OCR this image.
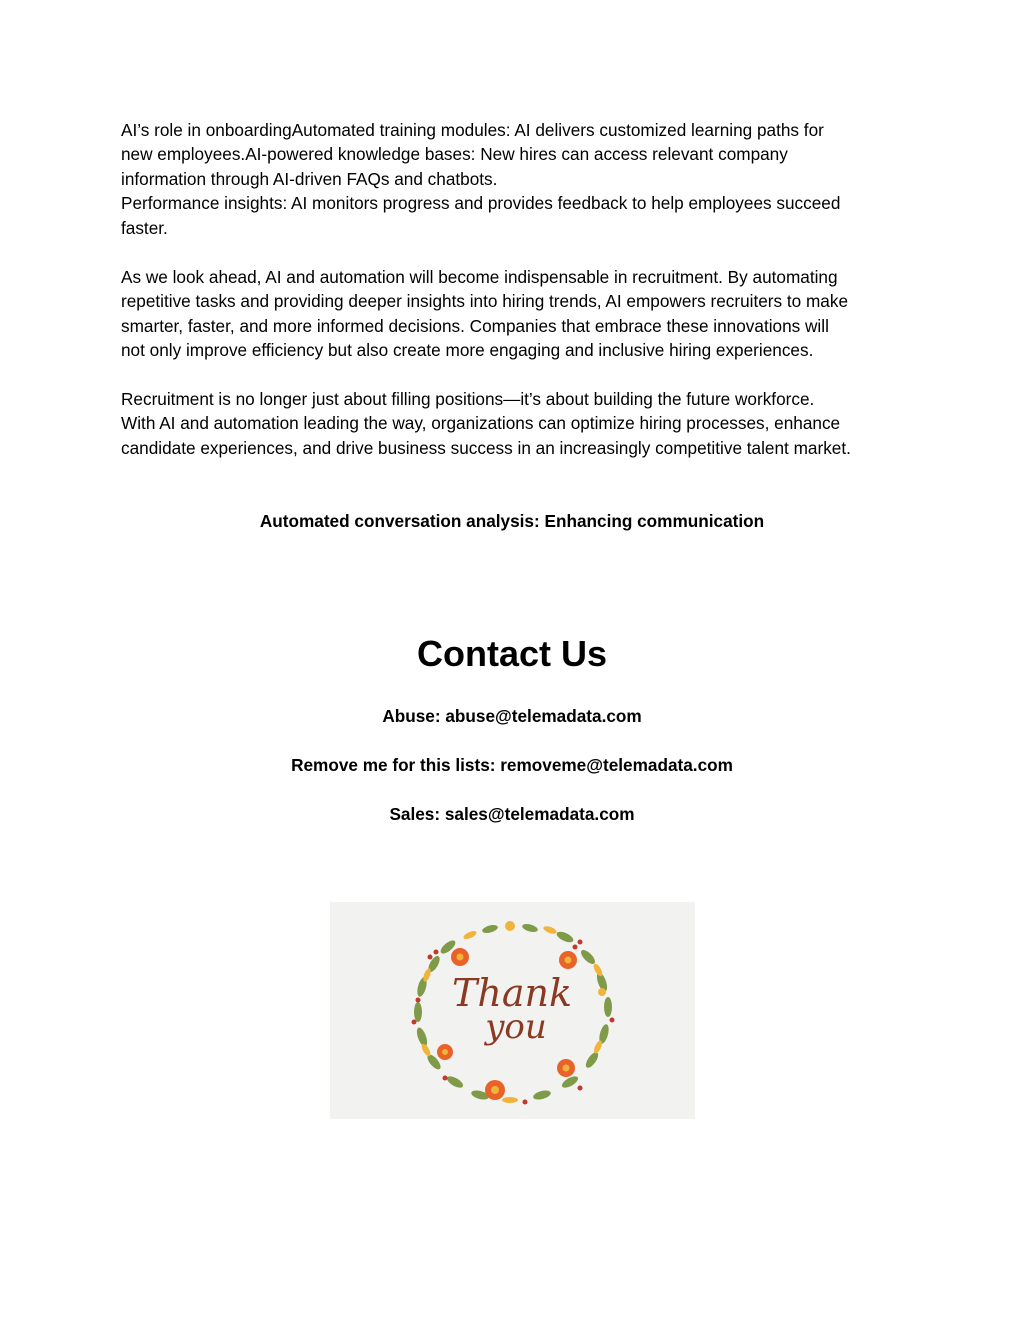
AI’s role in onboardingAutomated training modules: AI delivers customized learning paths for
new employees.AI-powered knowledge bases: New hires can access relevant company
information through AI-driven FAQs and chatbots.
Performance insights: AI monitors progress and provides feedback to help employees succeed
faster.

As we look ahead, AI and automation will become indispensable in recruitment. By automating
repetitive tasks and providing deeper insights into hiring trends, AI empowers recruiters to make
smarter, faster, and more informed decisions. Companies that embrace these innovations will
not only improve efficiency but also create more engaging and inclusive hiring experiences.

Recruitment is no longer just about filling positions—it’s about building the future workforce.
With AI and automation leading the way, organizations can optimize hiring processes, enhance
candidate experiences, and drive business success in an increasingly competitive talent market.

Automated conversation analysis: Enhancing communication

Contact Us

Abuse: abuse@telemadata.com

Remove me for this lists: removeme@telemadata.com

Sales: sales@telemadata.com

Thank
you
